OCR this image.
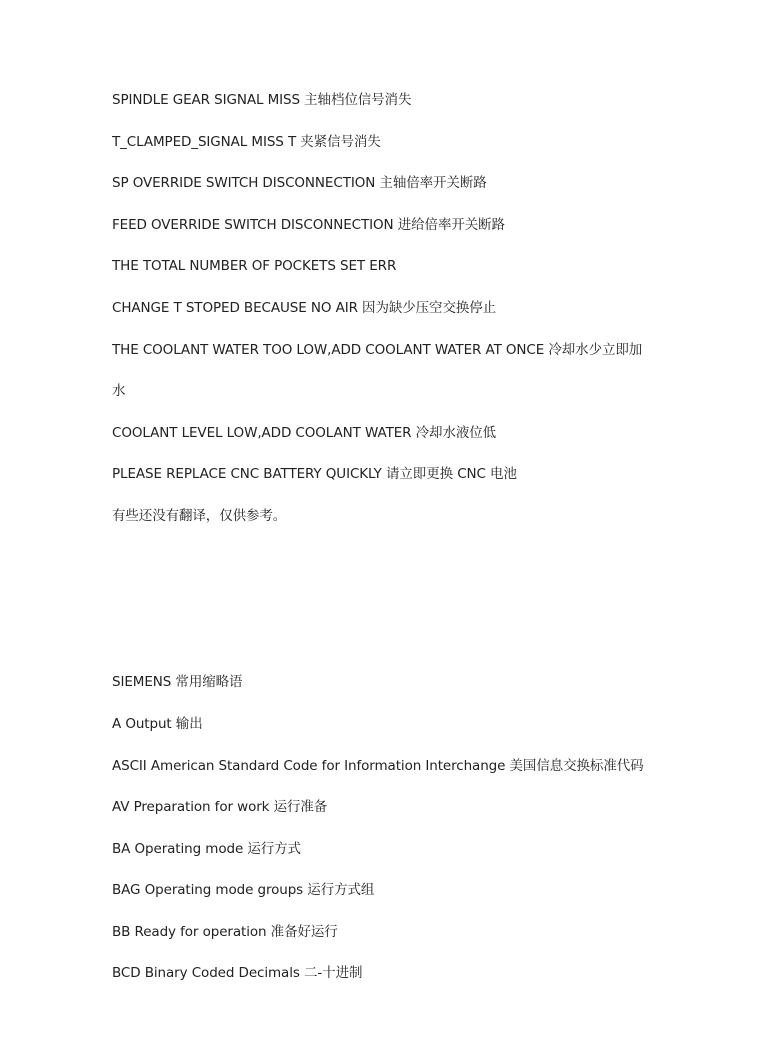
SPINDLE GEAR SIGNAL MISS 主轴档位信号消失
T_CLAMPED_SIGNAL MISS T 夹紧信号消失
SP OVERRIDE SWITCH DISCONNECTION 主轴倍率开关断路
FEED OVERRIDE SWITCH DISCONNECTION 进给倍率开关断路
THE TOTAL NUMBER OF POCKETS SET ERR
CHANGE T STOPED BECAUSE NO AIR 因为缺少压空交换停止
THE COOLANT WATER TOO LOW,ADD COOLANT WATER AT ONCE 冷却水少立即加
水
COOLANT LEVEL LOW,ADD COOLANT WATER 冷却水液位低
PLEASE REPLACE CNC BATTERY QUICKLY 请立即更换 CNC 电池
有些还没有翻译，仅供参考。
SIEMENS 常用缩略语
A Output 输出
ASCII American Standard Code for Information Interchange 美国信息交换标准代码
AV Preparation for work 运行准备
BA Operating mode 运行方式
BAG Operating mode groups 运行方式组
BB Ready for operation 准备好运行
BCD Binary Coded Decimals 二-十进制
